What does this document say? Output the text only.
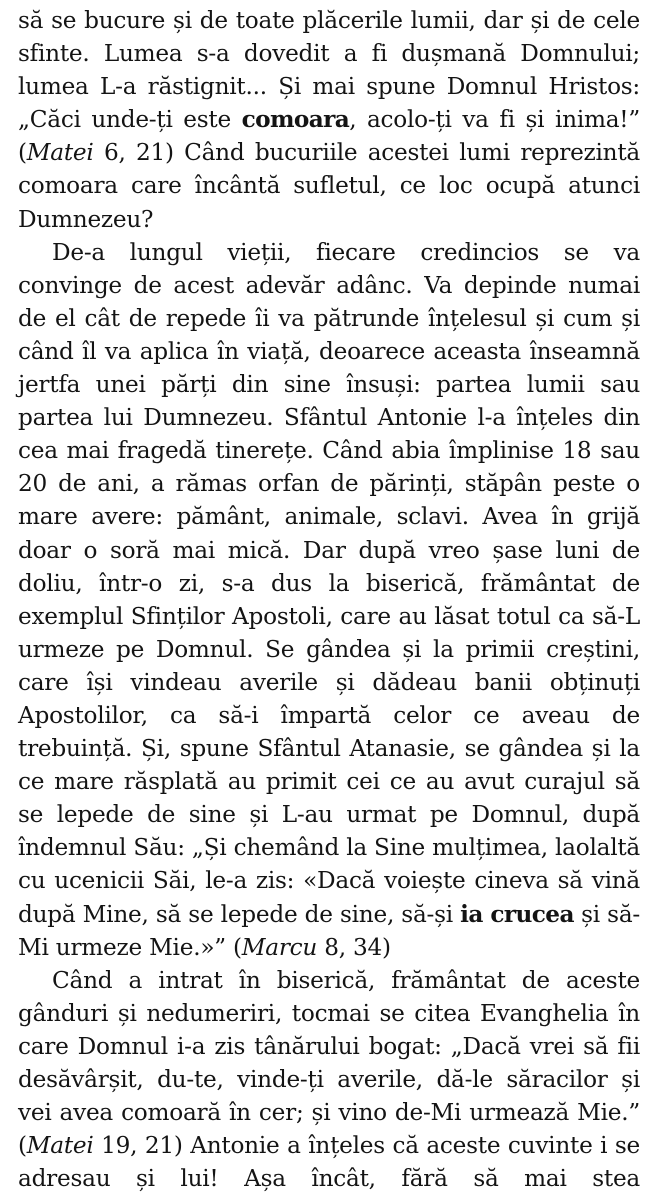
să se bucure și de toate plăcerile lumii, dar și de cele sfinte. Lumea s-a dovedit a fi dușmană Domnului; lumea L-a răstignit... Și mai spune Domnul Hristos: „Căci unde-ți este comoara, acolo-ți va fi și inima!” (Matei 6, 21) Când bucuriile acestei lumi reprezintă comoara care încântă sufletul, ce loc ocupă atunci Dumnezeu?

De-a lungul vieții, fiecare credincios se va convinge de acest adevăr adânc. Va depinde numai de el cât de repede îi va pătrunde înțelesul și cum și când îl va aplica în viață, deoarece aceasta înseamnă jertfa unei părți din sine însuși: partea lumii sau partea lui Dumnezeu. Sfântul Antonie l-a înțeles din cea mai fragedă tinerețe. Când abia împlinise 18 sau 20 de ani, a rămas orfan de părinți, stăpân peste o mare avere: pământ, animale, sclavi. Avea în grijă doar o soră mai mică. Dar după vreo șase luni de doliu, într-o zi, s-a dus la biserică, frământat de exemplul Sfinților Apostoli, care au lăsat totul ca să-L urmeze pe Domnul. Se gândea și la primii creștini, care își vindeau averile și dădeau banii obținuți Apostolilor, ca să-i împartă celor ce aveau de trebuință. Și, spune Sfântul Atanasie, se gândea și la ce mare răsplată au primit cei ce au avut curajul să se lepede de sine și L-au urmat pe Domnul, după îndemnul Său: „Și chemând la Sine mulțimea, laolaltă cu ucenicii Săi, le-a zis: «Dacă voiește cineva să vină după Mine, să se lepede de sine, să-și ia crucea și să-Mi urmeze Mie.»” (Marcu 8, 34)

Când a intrat în biserică, frământat de aceste gânduri și nedumeriri, tocmai se citea Evanghelia în care Domnul i-a zis tânărului bogat: „Dacă vrei să fii desăvârșit, du-te, vinde-ți averile, dă-le săracilor și vei avea comoară în cer; și vino de-Mi urmează Mie.” (Matei 19, 21) Antonie a înțeles că aceste cuvinte i se adresau și lui! Așa încât, fără să mai stea
